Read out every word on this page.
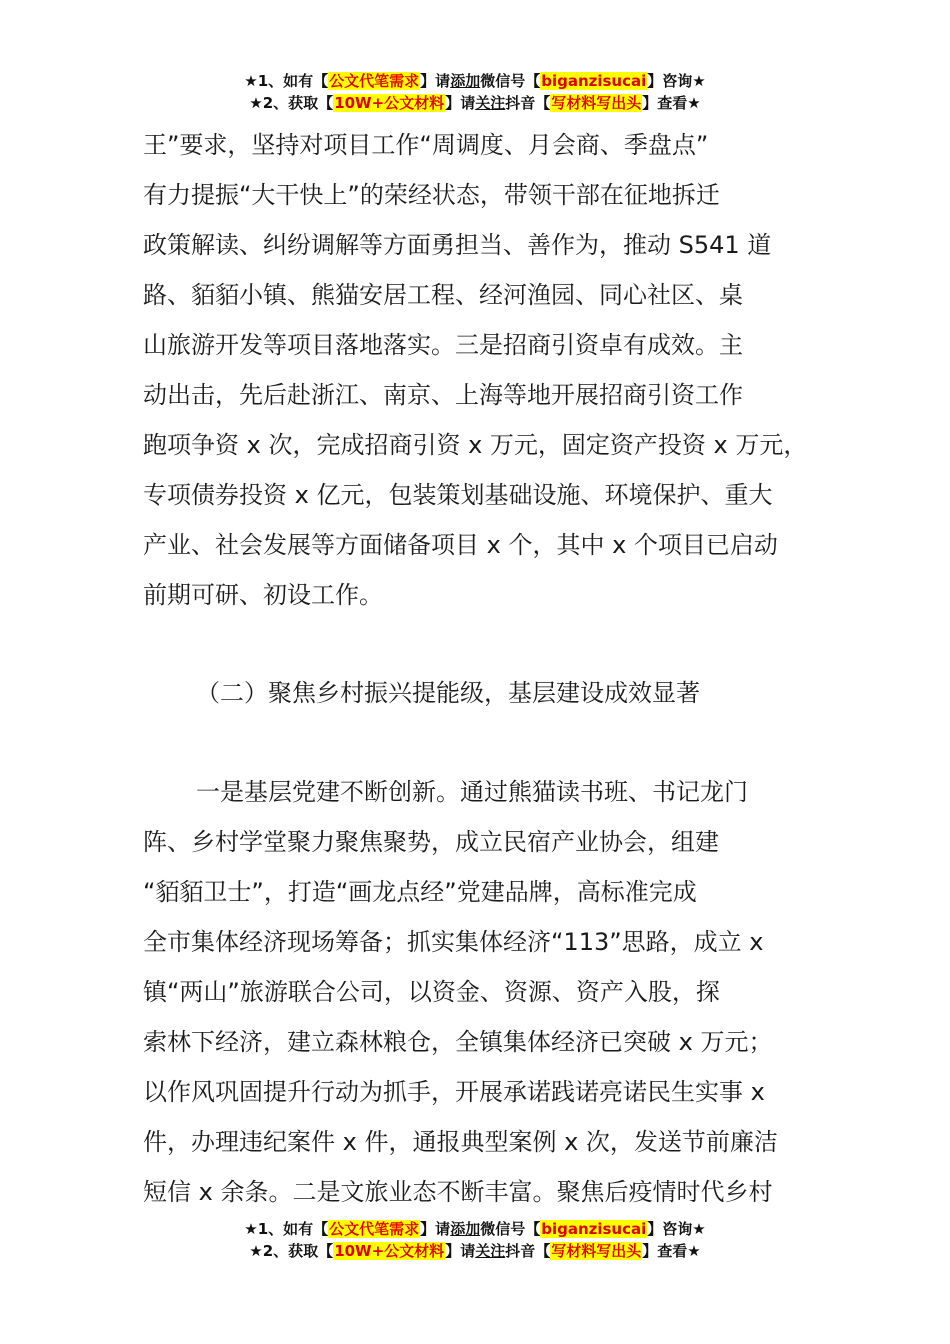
★1、如有【公文代笔需求】请添加微信号【biganzisucai】咨询★
★2、获取【10W+公文材料】请关注抖音【写材料写出头】查看★
王”要求，坚持对项目工作“周调度、月会商、季盘点”
有力提振“大干快上”的荣经状态，带领干部在征地拆迁
政策解读、纠纷调解等方面勇担当、善作为，推动 S541 道
路、貊貊小镇、熊猫安居工程、经河渔园、同心社区、桌
山旅游开发等项目落地落实。三是招商引资卓有成效。主
动出击，先后赴浙江、南京、上海等地开展招商引资工作
跑项争资 x 次，完成招商引资 x 万元，固定资产投资 x 万元，
专项债券投资 x 亿元，包装策划基础设施、环境保护、重大
产业、社会发展等方面储备项目 x 个，其中 x 个项目已启动
前期可研、初设工作。
（二）聚焦乡村振兴提能级，基层建设成效显著
一是基层党建不断创新。通过熊猫读书班、书记龙门
阵、乡村学堂聚力聚焦聚势，成立民宿产业协会，组建
“貊貊卫士”，打造“画龙点经”党建品牌，高标准完成
全市集体经济现场筹备；抓实集体经济“113”思路，成立 x
镇“两山”旅游联合公司，以资金、资源、资产入股，探
索林下经济，建立森林粮仓，全镇集体经济已突破 x 万元；
以作风巩固提升行动为抓手，开展承诺践诺亮诺民生实事 x
件，办理违纪案件 x 件，通报典型案例 x 次，发送节前廉洁
短信 x 余条。二是文旅业态不断丰富。聚焦后疫情时代乡村
★1、如有【公文代笔需求】请添加微信号【biganzisucai】咨询★
★2、获取【10W+公文材料】请关注抖音【写材料写出头】查看★
